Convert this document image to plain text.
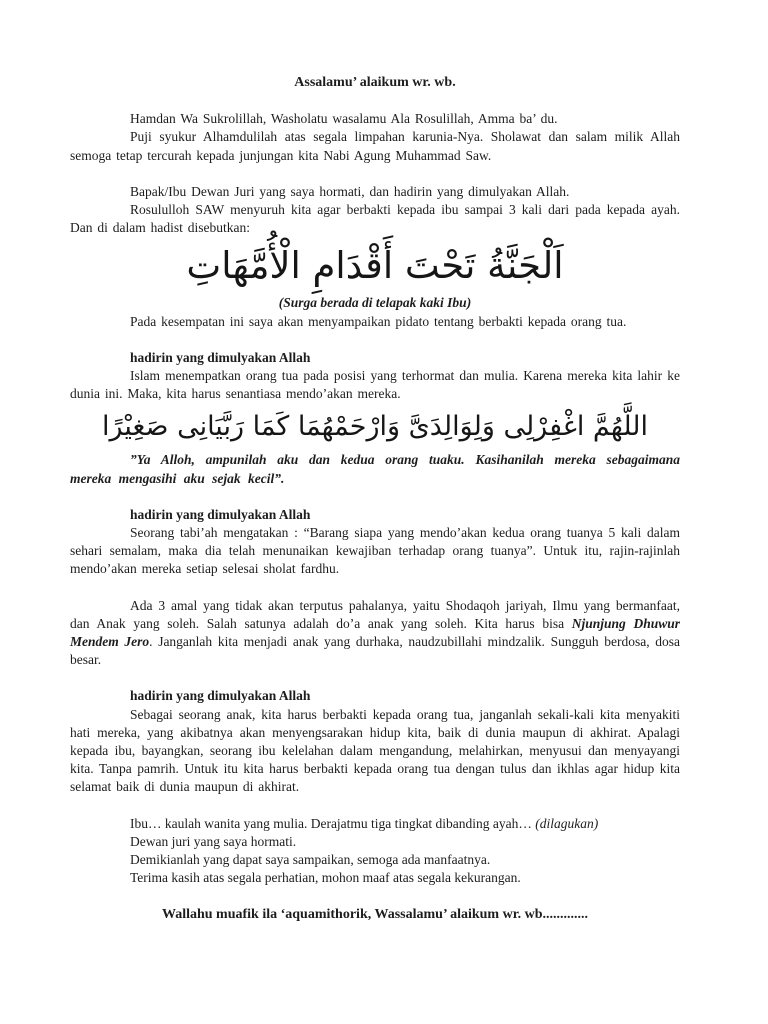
Assalamu’ alaikum wr. wb.

Hamdan Wa Sukrolillah, Washolatu wasalamu Ala Rosulillah, Amma ba’ du.

Puji syukur Alhamdulilah atas segala limpahan karunia-Nya. Sholawat dan salam milik Allah semoga tetap tercurah kepada junjungan kita Nabi Agung Muhammad Saw.

Bapak/Ibu Dewan Juri yang saya hormati, dan hadirin yang dimulyakan Allah.

Rosululloh SAW menyuruh kita agar berbakti kepada ibu sampai 3 kali dari pada kepada ayah. Dan di dalam hadist disebutkan:

اَلْجَنَّةُ تَحْتَ أَقْدَامِ الْأُمَّهَاتِ

(Surga berada di telapak kaki Ibu)

Pada kesempatan ini saya akan menyampaikan pidato tentang berbakti kepada orang tua.

hadirin yang dimulyakan Allah

Islam menempatkan orang tua pada posisi yang terhormat dan mulia. Karena mereka kita lahir ke dunia ini. Maka, kita harus senantiasa mendo’akan mereka.

اللَّهُمَّ اغْفِرْلِى وَلِوَالِدَىَّ وَارْحَمْهُمَا كَمَا رَبَّيَانِى صَغِيْرًا

”Ya Alloh, ampunilah aku dan kedua orang tuaku. Kasihanilah mereka sebagaimana mereka mengasihi aku sejak kecil”.

hadirin yang dimulyakan Allah

Seorang tabi’ah mengatakan : “Barang siapa yang mendo’akan kedua orang tuanya 5 kali dalam sehari semalam, maka dia telah menunaikan kewajiban terhadap orang tuanya”. Untuk itu, rajin-rajinlah mendo’akan mereka setiap selesai sholat fardhu.

Ada 3 amal yang tidak akan terputus pahalanya, yaitu Shodaqoh jariyah, Ilmu yang bermanfaat, dan Anak yang soleh. Salah satunya adalah do’a anak yang soleh. Kita harus bisa Njunjung Dhuwur Mendem Jero. Janganlah kita menjadi anak yang durhaka, naudzubillahi mindzalik. Sungguh berdosa, dosa besar.

hadirin yang dimulyakan Allah

Sebagai seorang anak, kita harus berbakti kepada orang tua, janganlah sekali-kali kita menyakiti hati mereka, yang akibatnya akan menyengsarakan hidup kita, baik di dunia maupun di akhirat. Apalagi kepada ibu, bayangkan, seorang ibu kelelahan dalam mengandung, melahirkan, menyusui dan menyayangi kita. Tanpa pamrih. Untuk itu kita harus berbakti kepada orang tua dengan tulus dan ikhlas agar hidup kita selamat baik di dunia maupun di akhirat.

Ibu… kaulah wanita yang mulia. Derajatmu tiga tingkat dibanding ayah… (dilagukan)

Dewan juri yang saya hormati.

Demikianlah yang dapat saya sampaikan, semoga ada manfaatnya.

Terima kasih atas segala perhatian, mohon maaf atas segala kekurangan.

Wallahu muafik ila ‘aquamithorik, Wassalamu’ alaikum wr. wb.............
